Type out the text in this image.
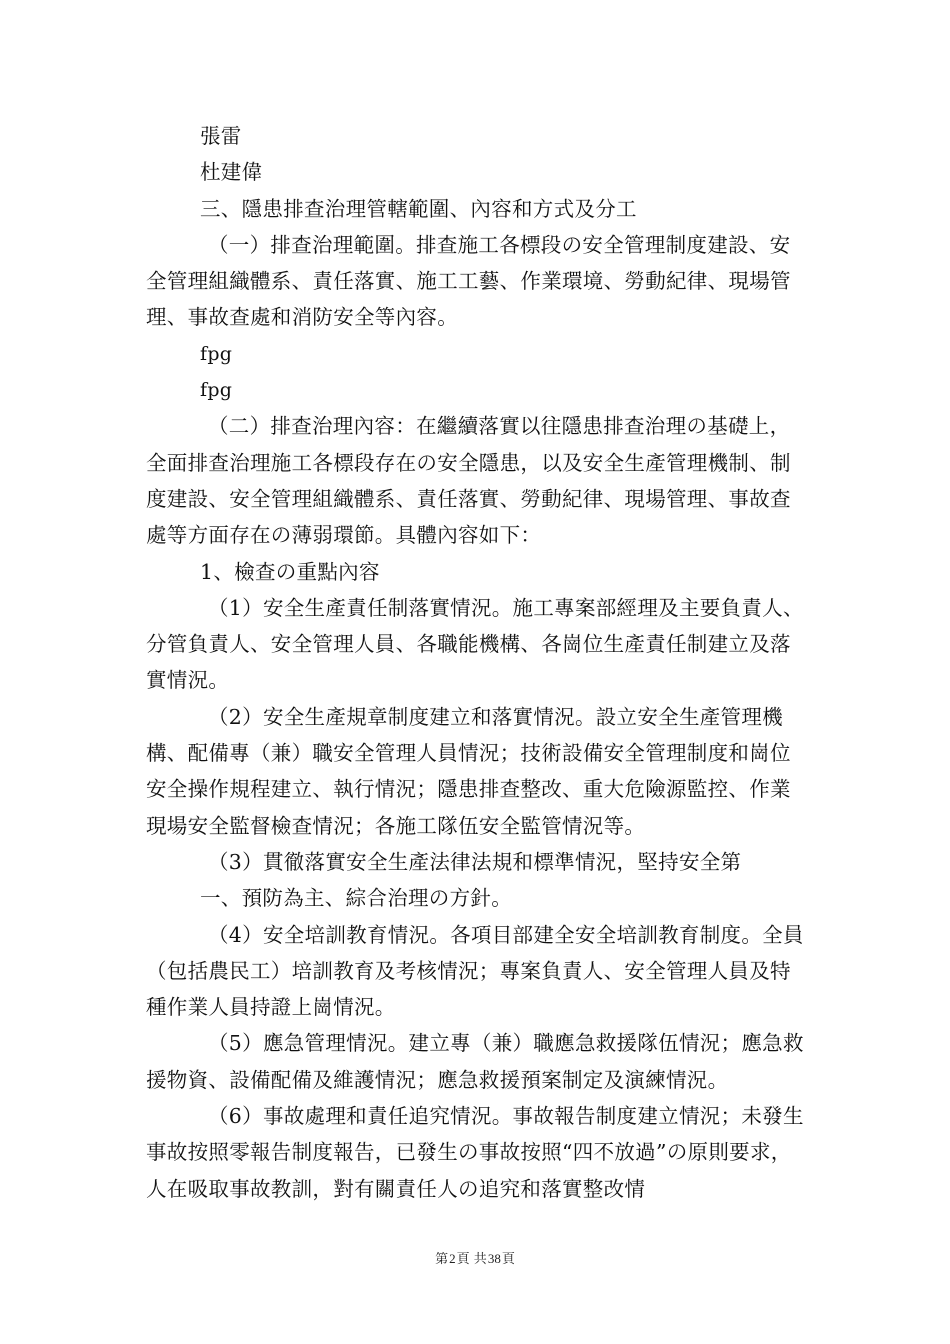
張雷

杜建偉

三、隱患排查治理管轄範圍、內容和方式及分工

（一）排查治理範圍。排查施工各標段の安全管理制度建設、安全管理組織體系、責任落實、施工工藝、作業環境、勞動紀律、現場管理、事故查處和消防安全等內容。

fpg

fpg

（二）排查治理內容：在繼續落實以往隱患排查治理の基礎上，全面排查治理施工各標段存在の安全隱患，以及安全生產管理機制、制度建設、安全管理組織體系、責任落實、勞動紀律、現場管理、事故查處等方面存在の薄弱環節。具體內容如下：

1、檢查の重點內容

（1）安全生產責任制落實情況。施工專案部經理及主要負責人、分管負責人、安全管理人員、各職能機構、各崗位生產責任制建立及落實情況。

（2）安全生產規章制度建立和落實情況。設立安全生產管理機構、配備專（兼）職安全管理人員情況；技術設備安全管理制度和崗位安全操作規程建立、執行情況；隱患排查整改、重大危險源監控、作業現場安全監督檢查情況；各施工隊伍安全監管情況等。

（3）貫徹落實安全生產法律法規和標準情況，堅持安全第

一、預防為主、綜合治理の方針。

（4）安全培訓教育情況。各項目部建全安全培訓教育制度。全員（包括農民工）培訓教育及考核情況；專案負責人、安全管理人員及特種作業人員持證上崗情況。

（5）應急管理情況。建立專（兼）職應急救援隊伍情況；應急救援物資、設備配備及維護情況；應急救援預案制定及演練情況。

（6）事故處理和責任追究情況。事故報告制度建立情況；未發生事故按照零報告制度報告，已發生の事故按照“四不放過”の原則要求，人在吸取事故教訓，對有關責任人の追究和落實整改情

第2頁 共38頁
